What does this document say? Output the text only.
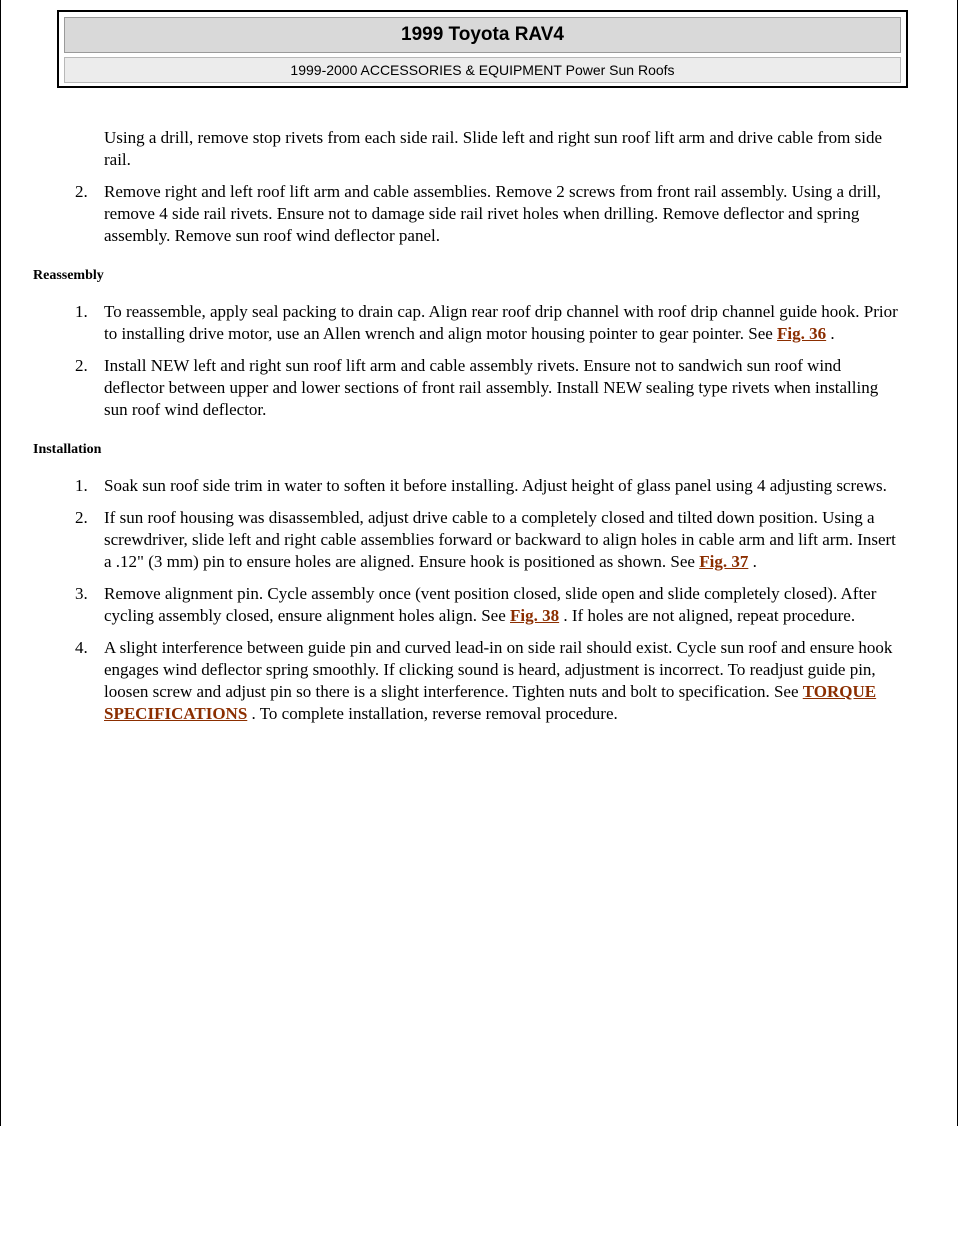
1999 Toyota RAV4
1999-2000 ACCESSORIES & EQUIPMENT Power Sun Roofs

Using a drill, remove stop rivets from each side rail. Slide left and right sun roof lift arm and drive cable from side rail.

2. Remove right and left roof lift arm and cable assemblies. Remove 2 screws from front rail assembly. Using a drill, remove 4 side rail rivets. Ensure not to damage side rail rivet holes when drilling. Remove deflector and spring assembly. Remove sun roof wind deflector panel.

Reassembly

1. To reassemble, apply seal packing to drain cap. Align rear roof drip channel with roof drip channel guide hook. Prior to installing drive motor, use an Allen wrench and align motor housing pointer to gear pointer. See Fig. 36 .

2. Install NEW left and right sun roof lift arm and cable assembly rivets. Ensure not to sandwich sun roof wind deflector between upper and lower sections of front rail assembly. Install NEW sealing type rivets when installing sun roof wind deflector.

Installation

1. Soak sun roof side trim in water to soften it before installing. Adjust height of glass panel using 4 adjusting screws.

2. If sun roof housing was disassembled, adjust drive cable to a completely closed and tilted down position. Using a screwdriver, slide left and right cable assemblies forward or backward to align holes in cable arm and lift arm. Insert a .12" (3 mm) pin to ensure holes are aligned. Ensure hook is positioned as shown. See Fig. 37 .

3. Remove alignment pin. Cycle assembly once (vent position closed, slide open and slide completely closed). After cycling assembly closed, ensure alignment holes align. See Fig. 38 . If holes are not aligned, repeat procedure.

4. A slight interference between guide pin and curved lead-in on side rail should exist. Cycle sun roof and ensure hook engages wind deflector spring smoothly. If clicking sound is heard, adjustment is incorrect. To readjust guide pin, loosen screw and adjust pin so there is a slight interference. Tighten nuts and bolt to specification. See TORQUE SPECIFICATIONS . To complete installation, reverse removal procedure.
